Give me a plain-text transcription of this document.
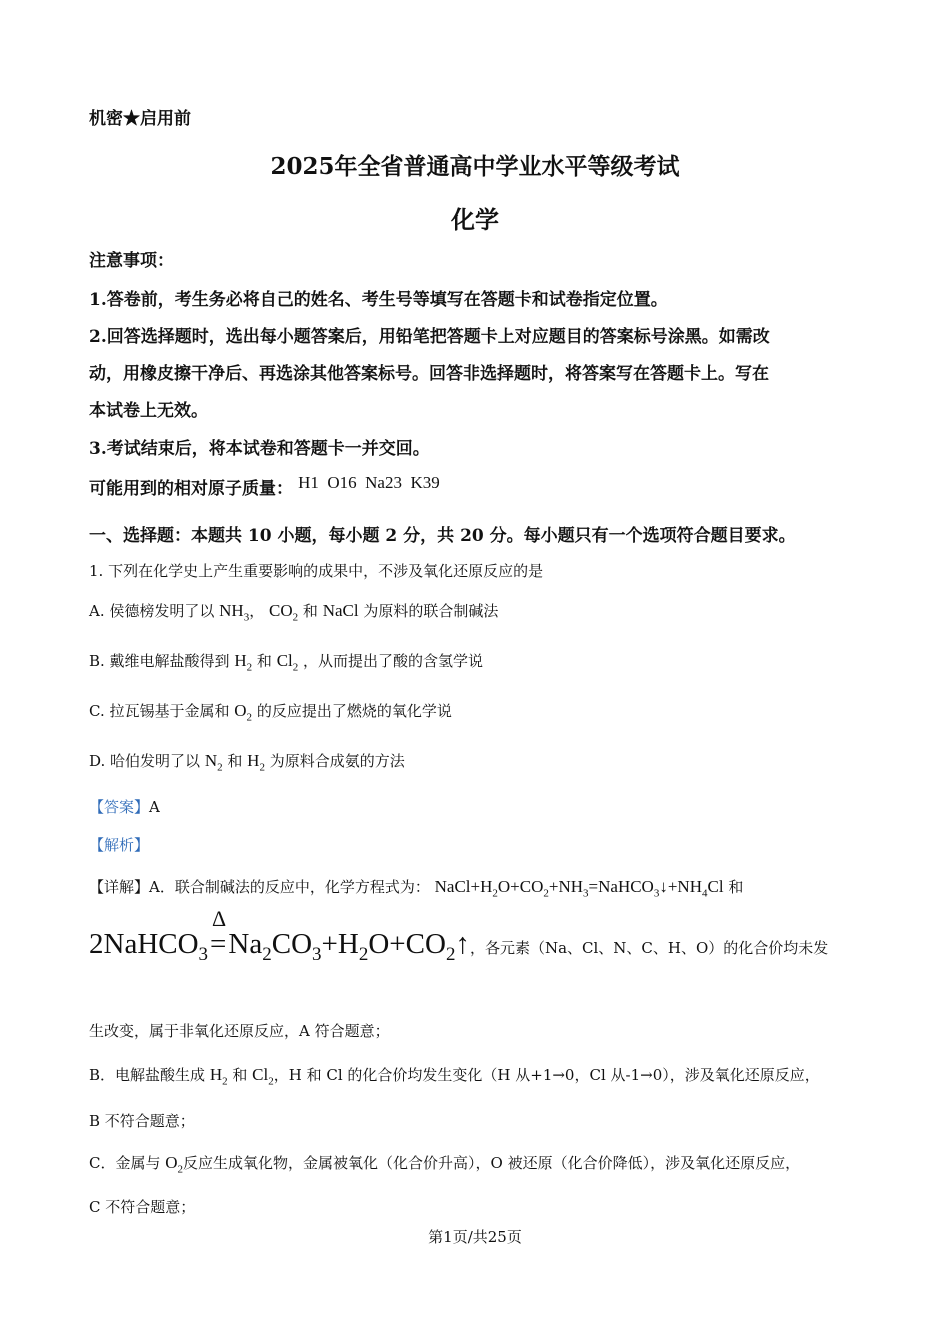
机密★启用前
2025年全省普通高中学业水平等级考试
化学
注意事项：
1.答卷前，考生务必将自己的姓名、考生号等填写在答题卡和试卷指定位置。
2.回答选择题时，选出每小题答案后，用铅笔把答题卡上对应题目的答案标号涂黑。如需改
动，用橡皮擦干净后、再选涂其他答案标号。回答非选择题时，将答案写在答题卡上。写在
本试卷上无效。
3.考试结束后，将本试卷和答题卡一并交回。
可能用到的相对原子质量： H1  O16  Na23  K39
一、选择题：本题共 10 小题，每小题 2 分，共 20 分。每小题只有一个选项符合题目要求。
1. 下列在化学史上产生重要影响的成果中，不涉及氧化还原反应的是
A. 侯德榜发明了以 $NH_3$， $CO_2$ 和 NaCl 为原料的联合制碱法
B. 戴维电解盐酸得到 $H_2$ 和 $Cl_2$ ，从而提出了酸的含氢学说
C. 拉瓦锡基于金属和 $O_2$ 的反应提出了燃烧的氧化学说
D. 哈伯发明了以 $N_2$ 和 $H_2$ 为原料合成氨的方法
【答案】A
【解析】
【详解】A．联合制碱法的反应中，化学方程式为： $NaCl+H_2O+CO_2+NH_3=NaHCO_3↓+NH_4Cl$ 和
2NaHCO$_3$
Δ
$=Na_2CO_3+H_2O+CO_2↑$，各元素（Na、Cl、N、C、H、O）的化合价均未发
生改变，属于非氧化还原反应，A 符合题意；
B．电解盐酸生成 $H_2$ 和 $Cl_2$，H 和 Cl 的化合价均发生变化（H 从+1→0，Cl 从-1→0），涉及氧化还原反应，
B 不符合题意；
C．金属与 $O_2$反应生成氧化物，金属被氧化（化合价升高），O 被还原（化合价降低），涉及氧化还原反应，
C 不符合题意；
第1页/共25页
